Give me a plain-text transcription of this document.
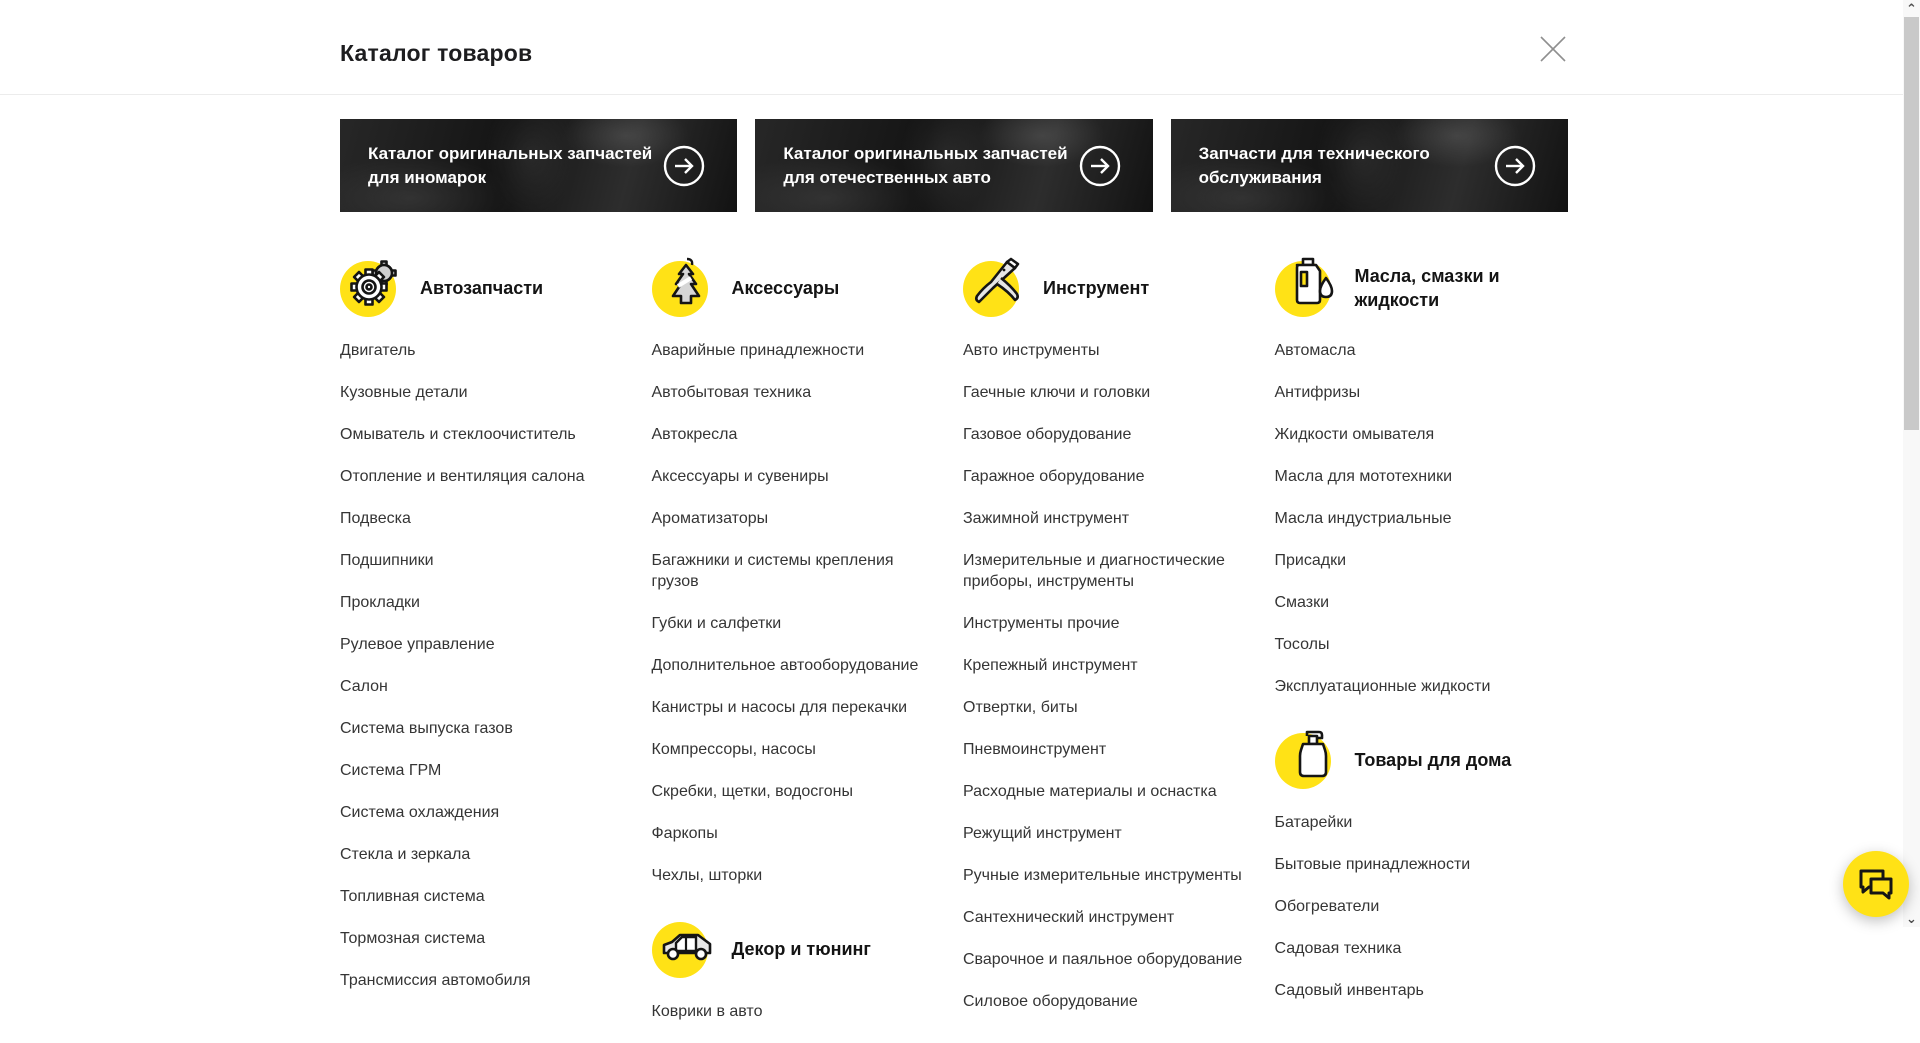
Каталог товаров
Каталог оригинальных запчастей
для иномарок
Каталог оригинальных запчастей
для отечественных авто
Запчасти для технического
обслуживания
Автозапчасти
Двигатель
Кузовные детали
Омыватель и стеклоочиститель
Отопление и вентиляция салона
Подвеска
Подшипники
Прокладки
Рулевое управление
Салон
Система выпуска газов
Система ГРМ
Система охлаждения
Стекла и зеркала
Топливная система
Тормозная система
Трансмиссия автомобиля
Аксессуары
Аварийные принадлежности
Автобытовая техника
Автокресла
Аксессуары и сувениры
Ароматизаторы
Багажники и системы крепления грузов
Губки и салфетки
Дополнительное автооборудование
Канистры и насосы для перекачки
Компрессоры, насосы
Скребки, щетки, водосгоны
Фаркопы
Чехлы, шторки
Декор и тюнинг
Коврики в авто
Инструмент
Авто инструменты
Гаечные ключи и головки
Газовое оборудование
Гаражное оборудование
Зажимной инструмент
Измерительные и диагностические приборы, инструменты
Инструменты прочие
Крепежный инструмент
Отвертки, биты
Пневмоинструмент
Расходные материалы и оснастка
Режущий инструмент
Ручные измерительные инструменты
Сантехнический инструмент
Сварочное и паяльное оборудование
Силовое оборудование
Масла, смазки и жидкости
Автомасла
Антифризы
Жидкости омывателя
Масла для мототехники
Масла индустриальные
Присадки
Смазки
Тосолы
Эксплуатационные жидкости
Товары для дома
Батарейки
Бытовые принадлежности
Обогреватели
Садовая техника
Садовый инвентарь
⌃
⌄
